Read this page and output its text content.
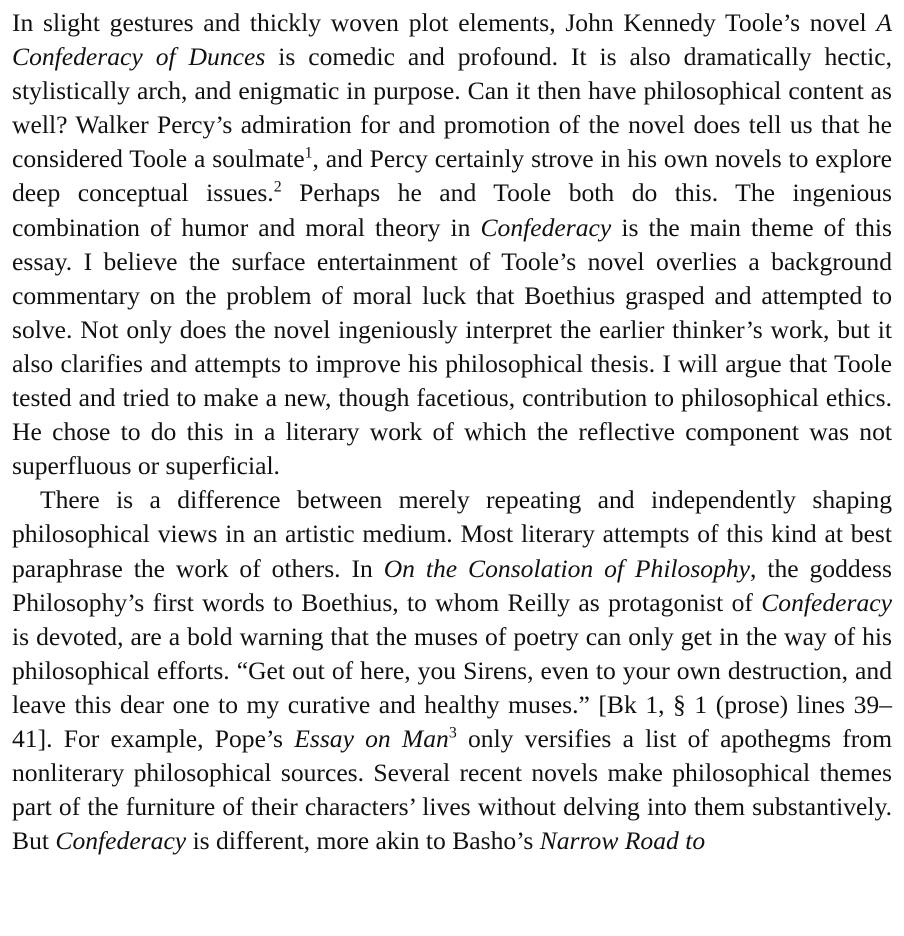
In slight gestures and thickly woven plot elements, John Kennedy Toole’s novel A Confederacy of Dunces is comedic and profound. It is also dramatically hectic, stylistically arch, and enigmatic in purpose. Can it then have philosophical content as well? Walker Percy’s admiration for and promotion of the novel does tell us that he considered Toole a soulmate$^1$, and Percy certainly strove in his own novels to explore deep conceptual issues.$^2$ Perhaps he and Toole both do this. The ingenious combination of humor and moral theory in Confederacy is the main theme of this essay. I believe the surface entertainment of Toole’s novel overlies a background commentary on the problem of moral luck that Boethius grasped and attempted to solve. Not only does the novel ingeniously interpret the earlier thinker’s work, but it also clarifies and attempts to improve his philosophical thesis. I will argue that Toole tested and tried to make a new, though facetious, contribution to philosophical ethics. He chose to do this in a literary work of which the reflective component was not superfluous or superficial.

There is a difference between merely repeating and independently shaping philosophical views in an artistic medium. Most literary attempts of this kind at best paraphrase the work of others. In On the Consolation of Philosophy, the goddess Philosophy’s first words to Boethius, to whom Reilly as protagonist of Confederacy is devoted, are a bold warning that the muses of poetry can only get in the way of his philosophical efforts. “Get out of here, you Sirens, even to your own destruction, and leave this dear one to my curative and healthy muses.” [Bk 1, § 1 (prose) lines 39–41]. For example, Pope’s Essay on Man$^3$ only versifies a list of apothegms from nonliterary philosophical sources. Several recent novels make philosophical themes part of the furniture of their characters’ lives without delving into them substantively. But Confederacy is different, more akin to Basho’s Narrow Road to
